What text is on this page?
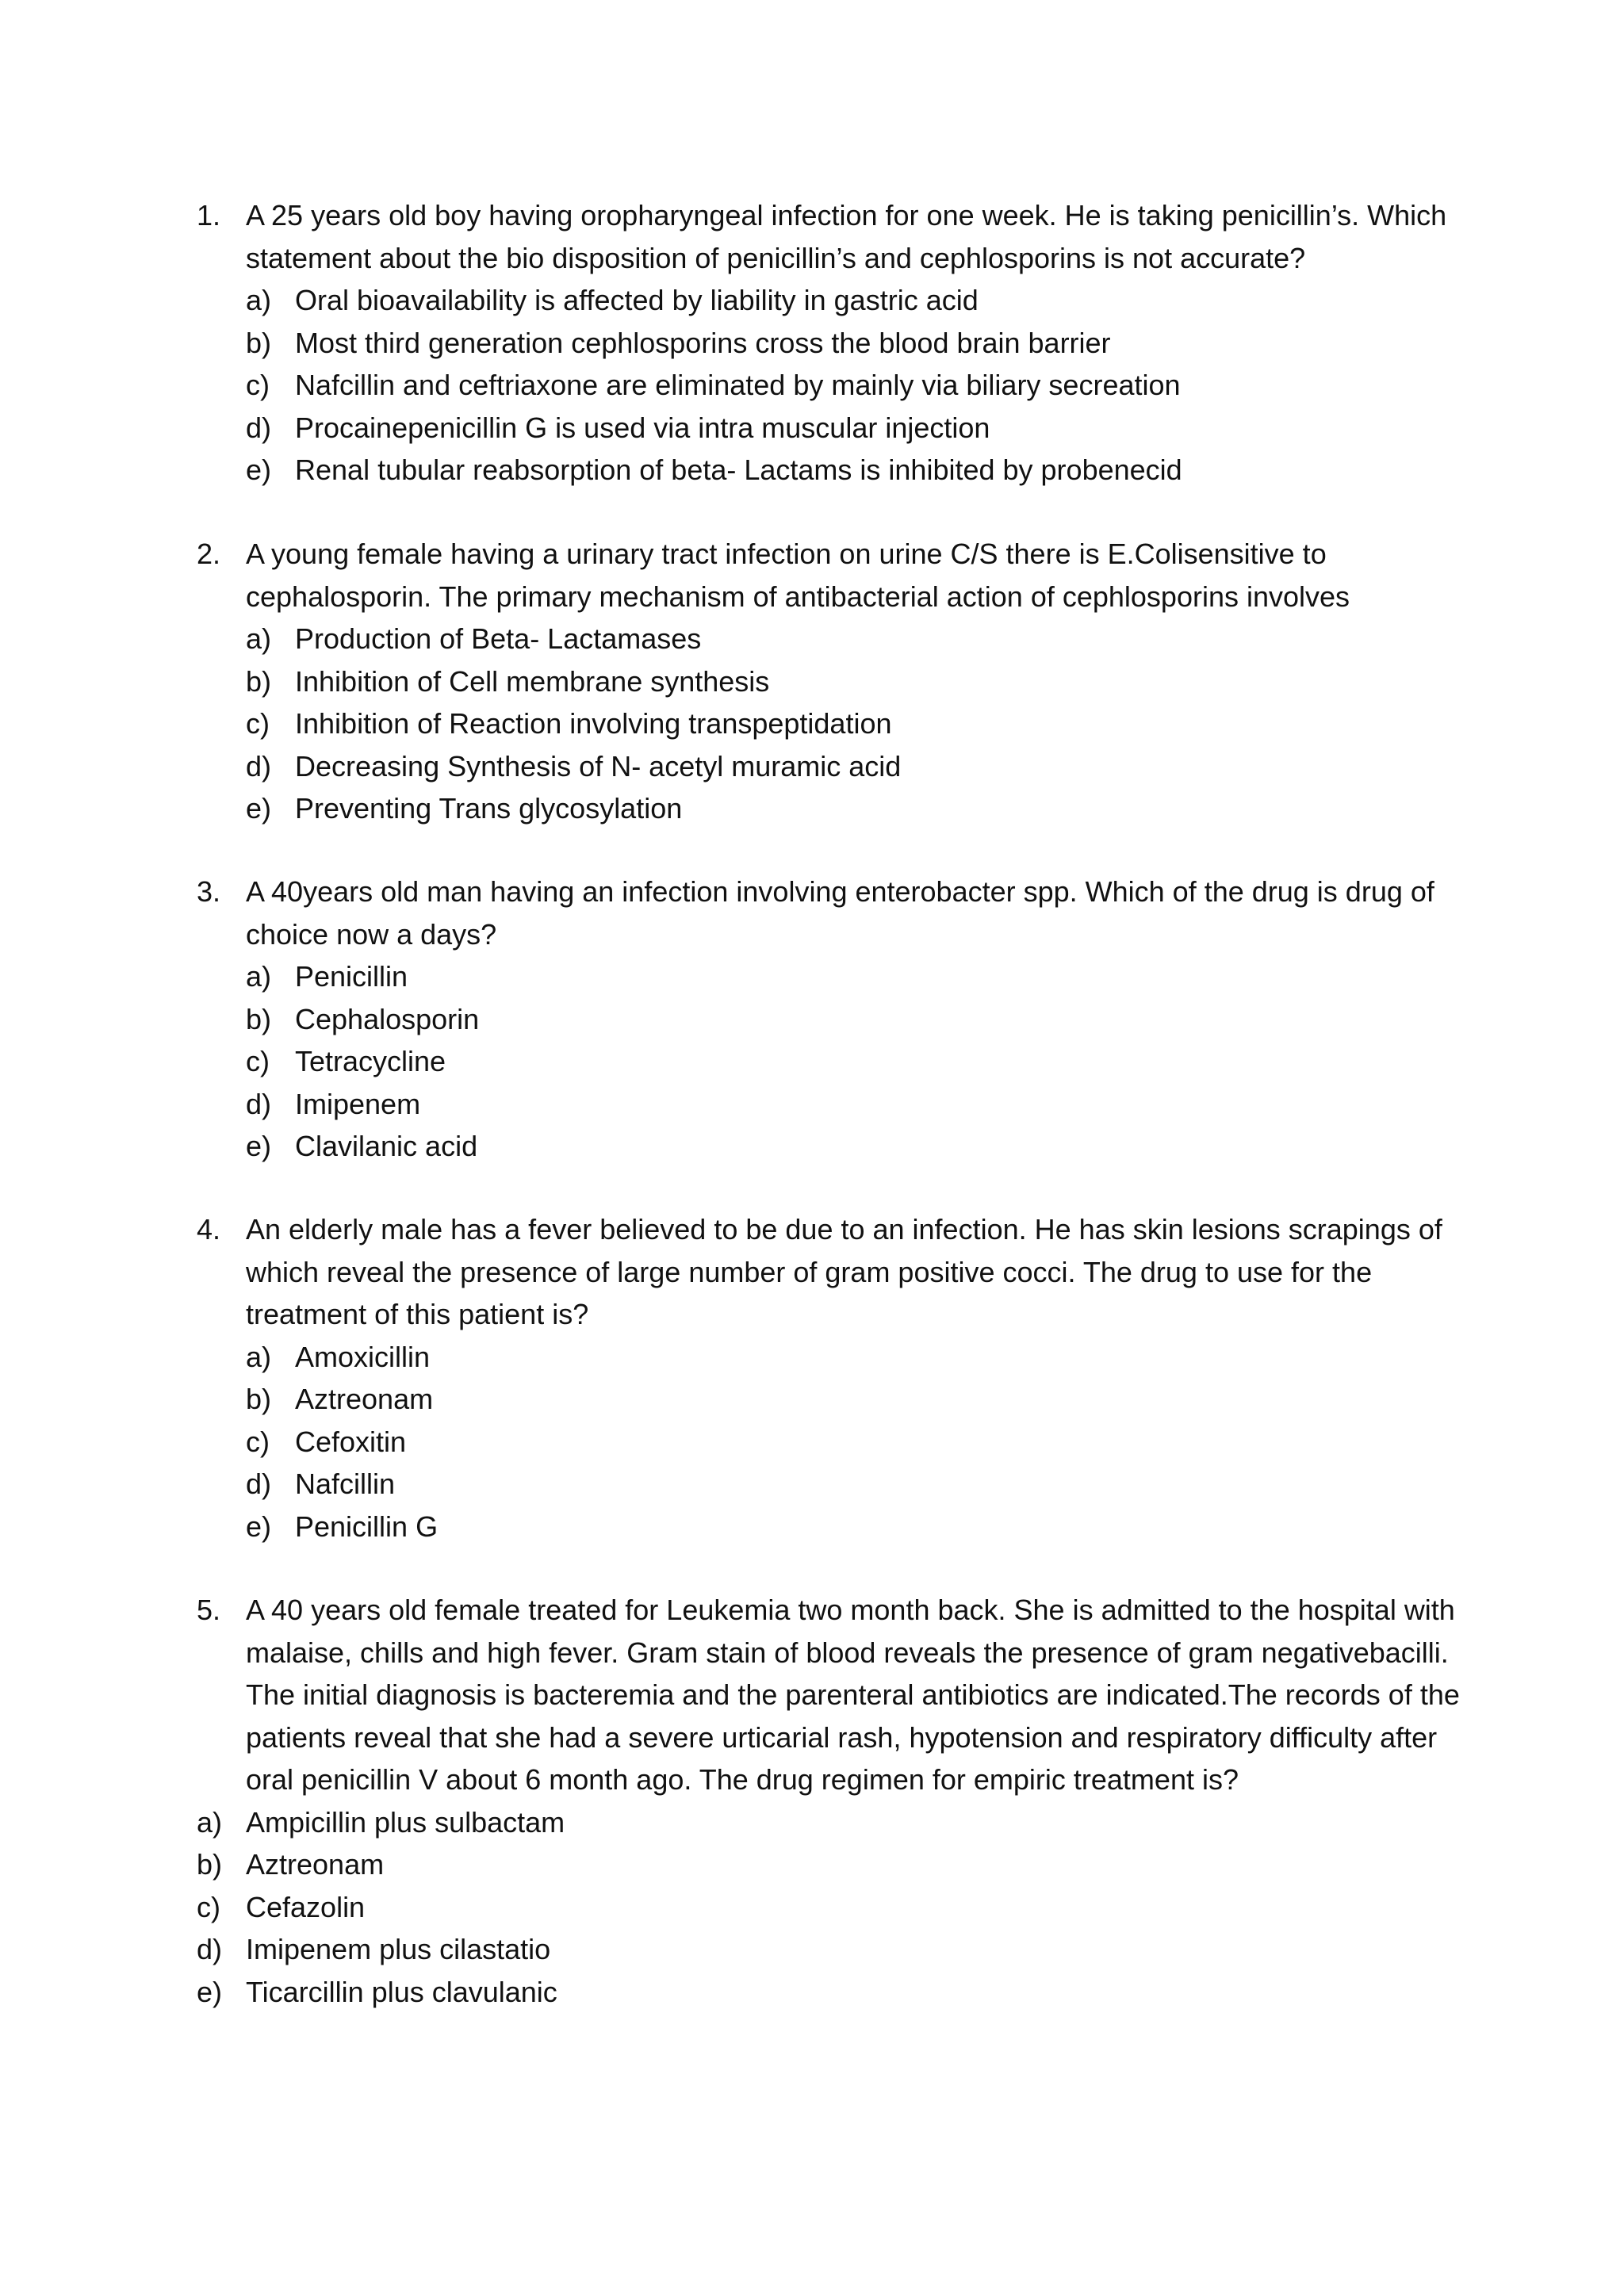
1. A 25 years old boy having oropharyngeal infection for one week. He is taking penicillin’s. Which statement about the bio disposition of penicillin’s and cephlosporins is not accurate?
a) Oral bioavailability is affected by liability in gastric acid
b) Most third generation cephlosporins cross the blood brain barrier
c) Nafcillin and ceftriaxone are eliminated by mainly via biliary secreation
d) Procainepenicillin G is used via intra muscular injection
e) Renal tubular reabsorption of beta- Lactams is inhibited by probenecid
2. A young female having a urinary tract infection on urine C/S there is E.Colisensitive to cephalosporin. The primary mechanism of antibacterial action of cephlosporins involves
a) Production of Beta- Lactamases
b) Inhibition of Cell membrane synthesis
c) Inhibition of Reaction involving transpeptidation
d) Decreasing Synthesis of N- acetyl muramic acid
e) Preventing Trans glycosylation
3. A 40years old man having an infection involving enterobacter spp. Which of the drug is drug of choice now a days?
a) Penicillin
b) Cephalosporin
c) Tetracycline
d) Imipenem
e) Clavilanic acid
4. An elderly male has a fever believed to be due to an infection. He has skin lesions scrapings of which reveal the presence of large number of gram positive cocci. The drug to use for the treatment of this patient is?
a) Amoxicillin
b) Aztreonam
c) Cefoxitin
d) Nafcillin
e) Penicillin G
5. A 40 years old female treated for Leukemia two month back. She is admitted to the hospital with malaise, chills and high fever. Gram stain of blood reveals the presence of gram negativebacilli. The initial diagnosis is bacteremia and the parenteral antibiotics are indicated.The records of the patients reveal that she had a severe urticarial rash, hypotension and respiratory difficulty after oral penicillin V about 6 month ago. The drug regimen for empiric treatment is?
a) Ampicillin plus sulbactam
b) Aztreonam
c) Cefazolin
d) Imipenem plus cilastatio
e) Ticarcillin plus clavulanic
